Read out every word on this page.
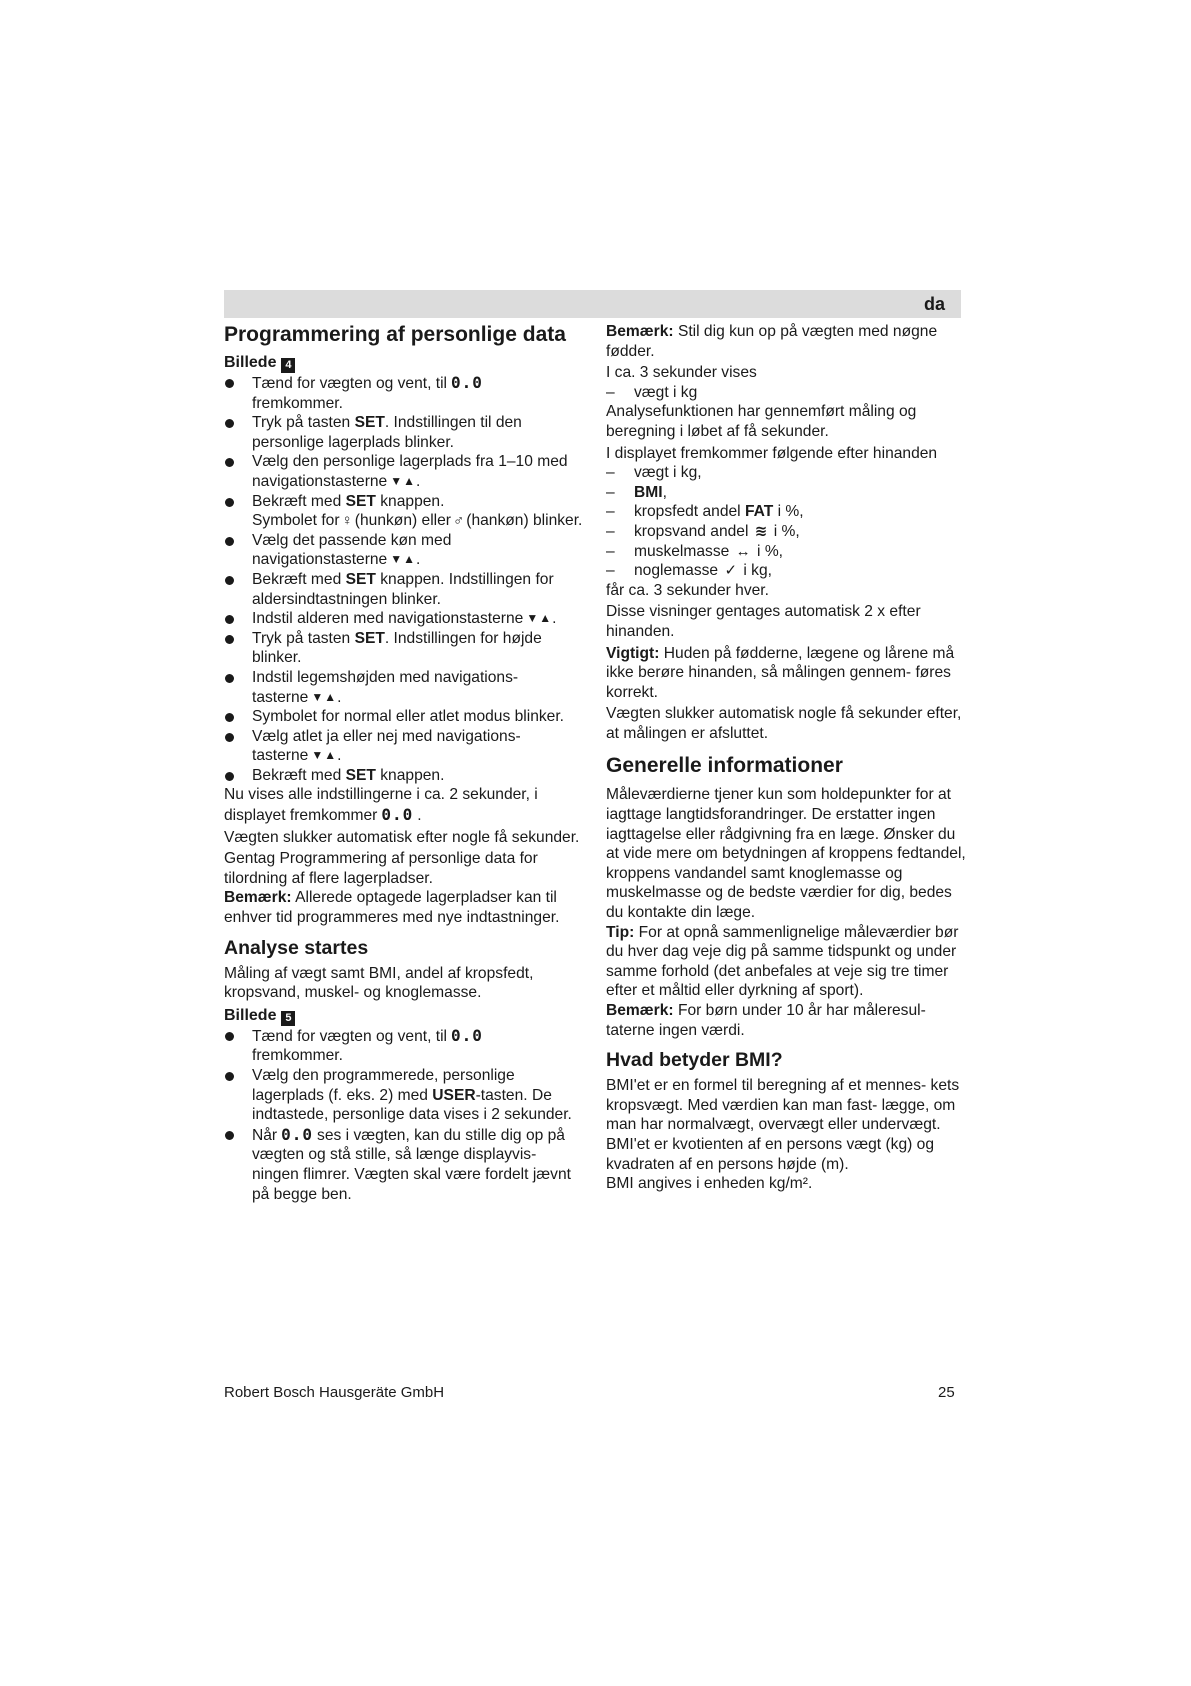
da
Programmering af personlige data
Billede 4
Tænd for vægten og vent, til 0.0
fremkommer.
Tryk på tasten SET. Indstillingen til den personlige lagerplads blinker.
Vælg den personlige lagerplads fra 1–10 med navigationstasterne ▼▲.
Bekræft med SET knappen.
Symbolet for ♀ (hunkøn) eller ♂ (hankøn) blinker.
Vælg det passende køn med navigationstasterne ▼▲.
Bekræft med SET knappen. Indstillingen for aldersindtastningen blinker.
Indstil alderen med navigationstasterne ▼▲.
Tryk på tasten SET. Indstillingen for højde blinker.
Indstil legemshøjden med navigations- tasterne ▼▲.
Symbolet for normal eller atlet modus blinker.
Vælg atlet ja eller nej med navigations- tasterne ▼▲.
Bekræft med SET knappen.

Nu vises alle indstillingerne i ca. 2 sekunder, i displayet fremkommer 0.0 .

Vægten slukker automatisk efter nogle få sekunder.

Gentag Programmering af personlige data for tilordning af flere lagerpladser.

Bemærk: Allerede optagede lagerpladser kan til enhver tid programmeres med nye indtastninger.

Analyse startes

Måling af vægt samt BMI, andel af kropsfedt, kropsvand, muskel- og knoglemasse.

Billede 5
Tænd for vægten og vent, til 0.0
fremkommer.
Vælg den programmerede, personlige lagerplads (f. eks. 2) med USER-tasten. De indtastede, personlige data vises i 2 sekunder.
Når 0.0 ses i vægten, kan du stille dig op på vægten og stå stille, så længe displayvis- ningen flimrer. Vægten skal være fordelt jævnt på begge ben.

Bemærk: Stil dig kun op på vægten med nøgne fødder.

I ca. 3 sekunder vises

– vægt i kg

Analysefunktionen har gennemført måling og beregning i løbet af få sekunder.

I displayet fremkommer følgende efter hinanden

– vægt i kg,
– BMI,
– kropsfedt andel FAT i %,
– kropsvand andel ≋ i %,
– muskelmasse ↔ i %,
– noglemasse ✓ i kg,

får ca. 3 sekunder hver.

Disse visninger gentages automatisk 2 x efter hinanden.

Vigtigt: Huden på fødderne, lægene og lårene må ikke berøre hinanden, så målingen gennem- føres korrekt.

Vægten slukker automatisk nogle få sekunder efter, at målingen er afsluttet.

Generelle informationer

Måleværdierne tjener kun som holdepunkter for at iagttage langtidsforandringer. De erstatter ingen iagttagelse eller rådgivning fra en læge. Ønsker du at vide mere om betydningen af kroppens fedtandel, kroppens vandandel samt knoglemasse og muskelmasse og de bedste værdier for dig, bedes du kontakte din læge.

Tip: For at opnå sammenlignelige måleværdier bør du hver dag veje dig på samme tidspunkt og under samme forhold (det anbefales at veje sig tre timer efter et måltid eller dyrkning af sport).

Bemærk: For børn under 10 år har måleresul- taterne ingen værdi.

Hvad betyder BMI?

BMI'et er en formel til beregning af et mennes- kets kropsvægt. Med værdien kan man fast- lægge, om man har normalvægt, overvægt eller undervægt.

BMI'et er kvotienten af en persons vægt (kg) og kvadraten af en persons højde (m).

BMI angives i enheden kg/m².

Robert Bosch Hausgeräte GmbH	25
